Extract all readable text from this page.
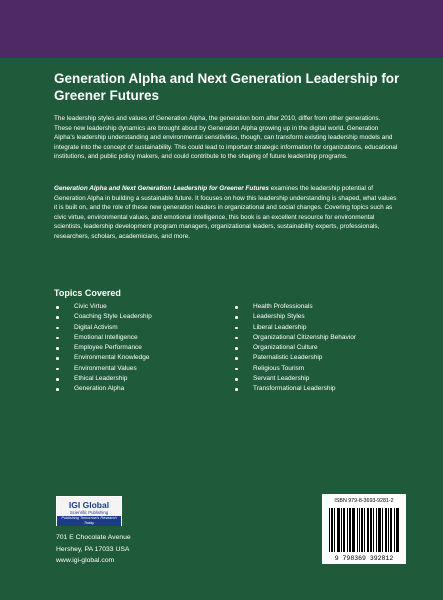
Generation Alpha and Next Generation Leadership for Greener Futures

The leadership styles and values of Generation Alpha, the generation born after 2010, differ from other generations. These new leadership dynamics are brought about by Generation Alpha growing up in the digital world. Generation Alpha’s leadership understanding and environmental sensitivities, though, can transform existing leadership models and integrate into the concept of sustainability. This could lead to important strategic information for organizations, educational institutions, and public policy makers, and could contribute to the shaping of future leadership programs.

Generation Alpha and Next Generation Leadership for Greener Futures examines the leadership potential of Generation Alpha in building a sustainable future. It focuses on how this leadership understanding is shaped, what values it is built on, and the role of these new generation leaders in organizational and social changes. Covering topics such as civic virtue, environmental values, and emotional intelligence, this book is an excellent resource for environmental scientists, leadership development program managers, organizational leaders, sustainability experts, professionals, researchers, scholars, academicians, and more.

Topics Covered
Civic Virtue
Coaching Style Leadership
Digital Activism
Emotional Intelligence
Employee Performance
Environmental Knowledge
Environmental Values
Ethical Leadership
Generation Alpha
Health Professionals
Leadership Styles
Liberal Leadership
Organizational Citizenship Behavior
Organizational Culture
Paternalistic Leadership
Religious Tourism
Servant Leadership
Transformational Leadership
IGI Global
Scientific Publishing
Publishing Tomorrow's Research Today
701 E Chocolate Avenue
Hershey, PA 17033 USA
www.igi-global.com
ISBN 979-8-3693-9281-2
9 798369 392812
